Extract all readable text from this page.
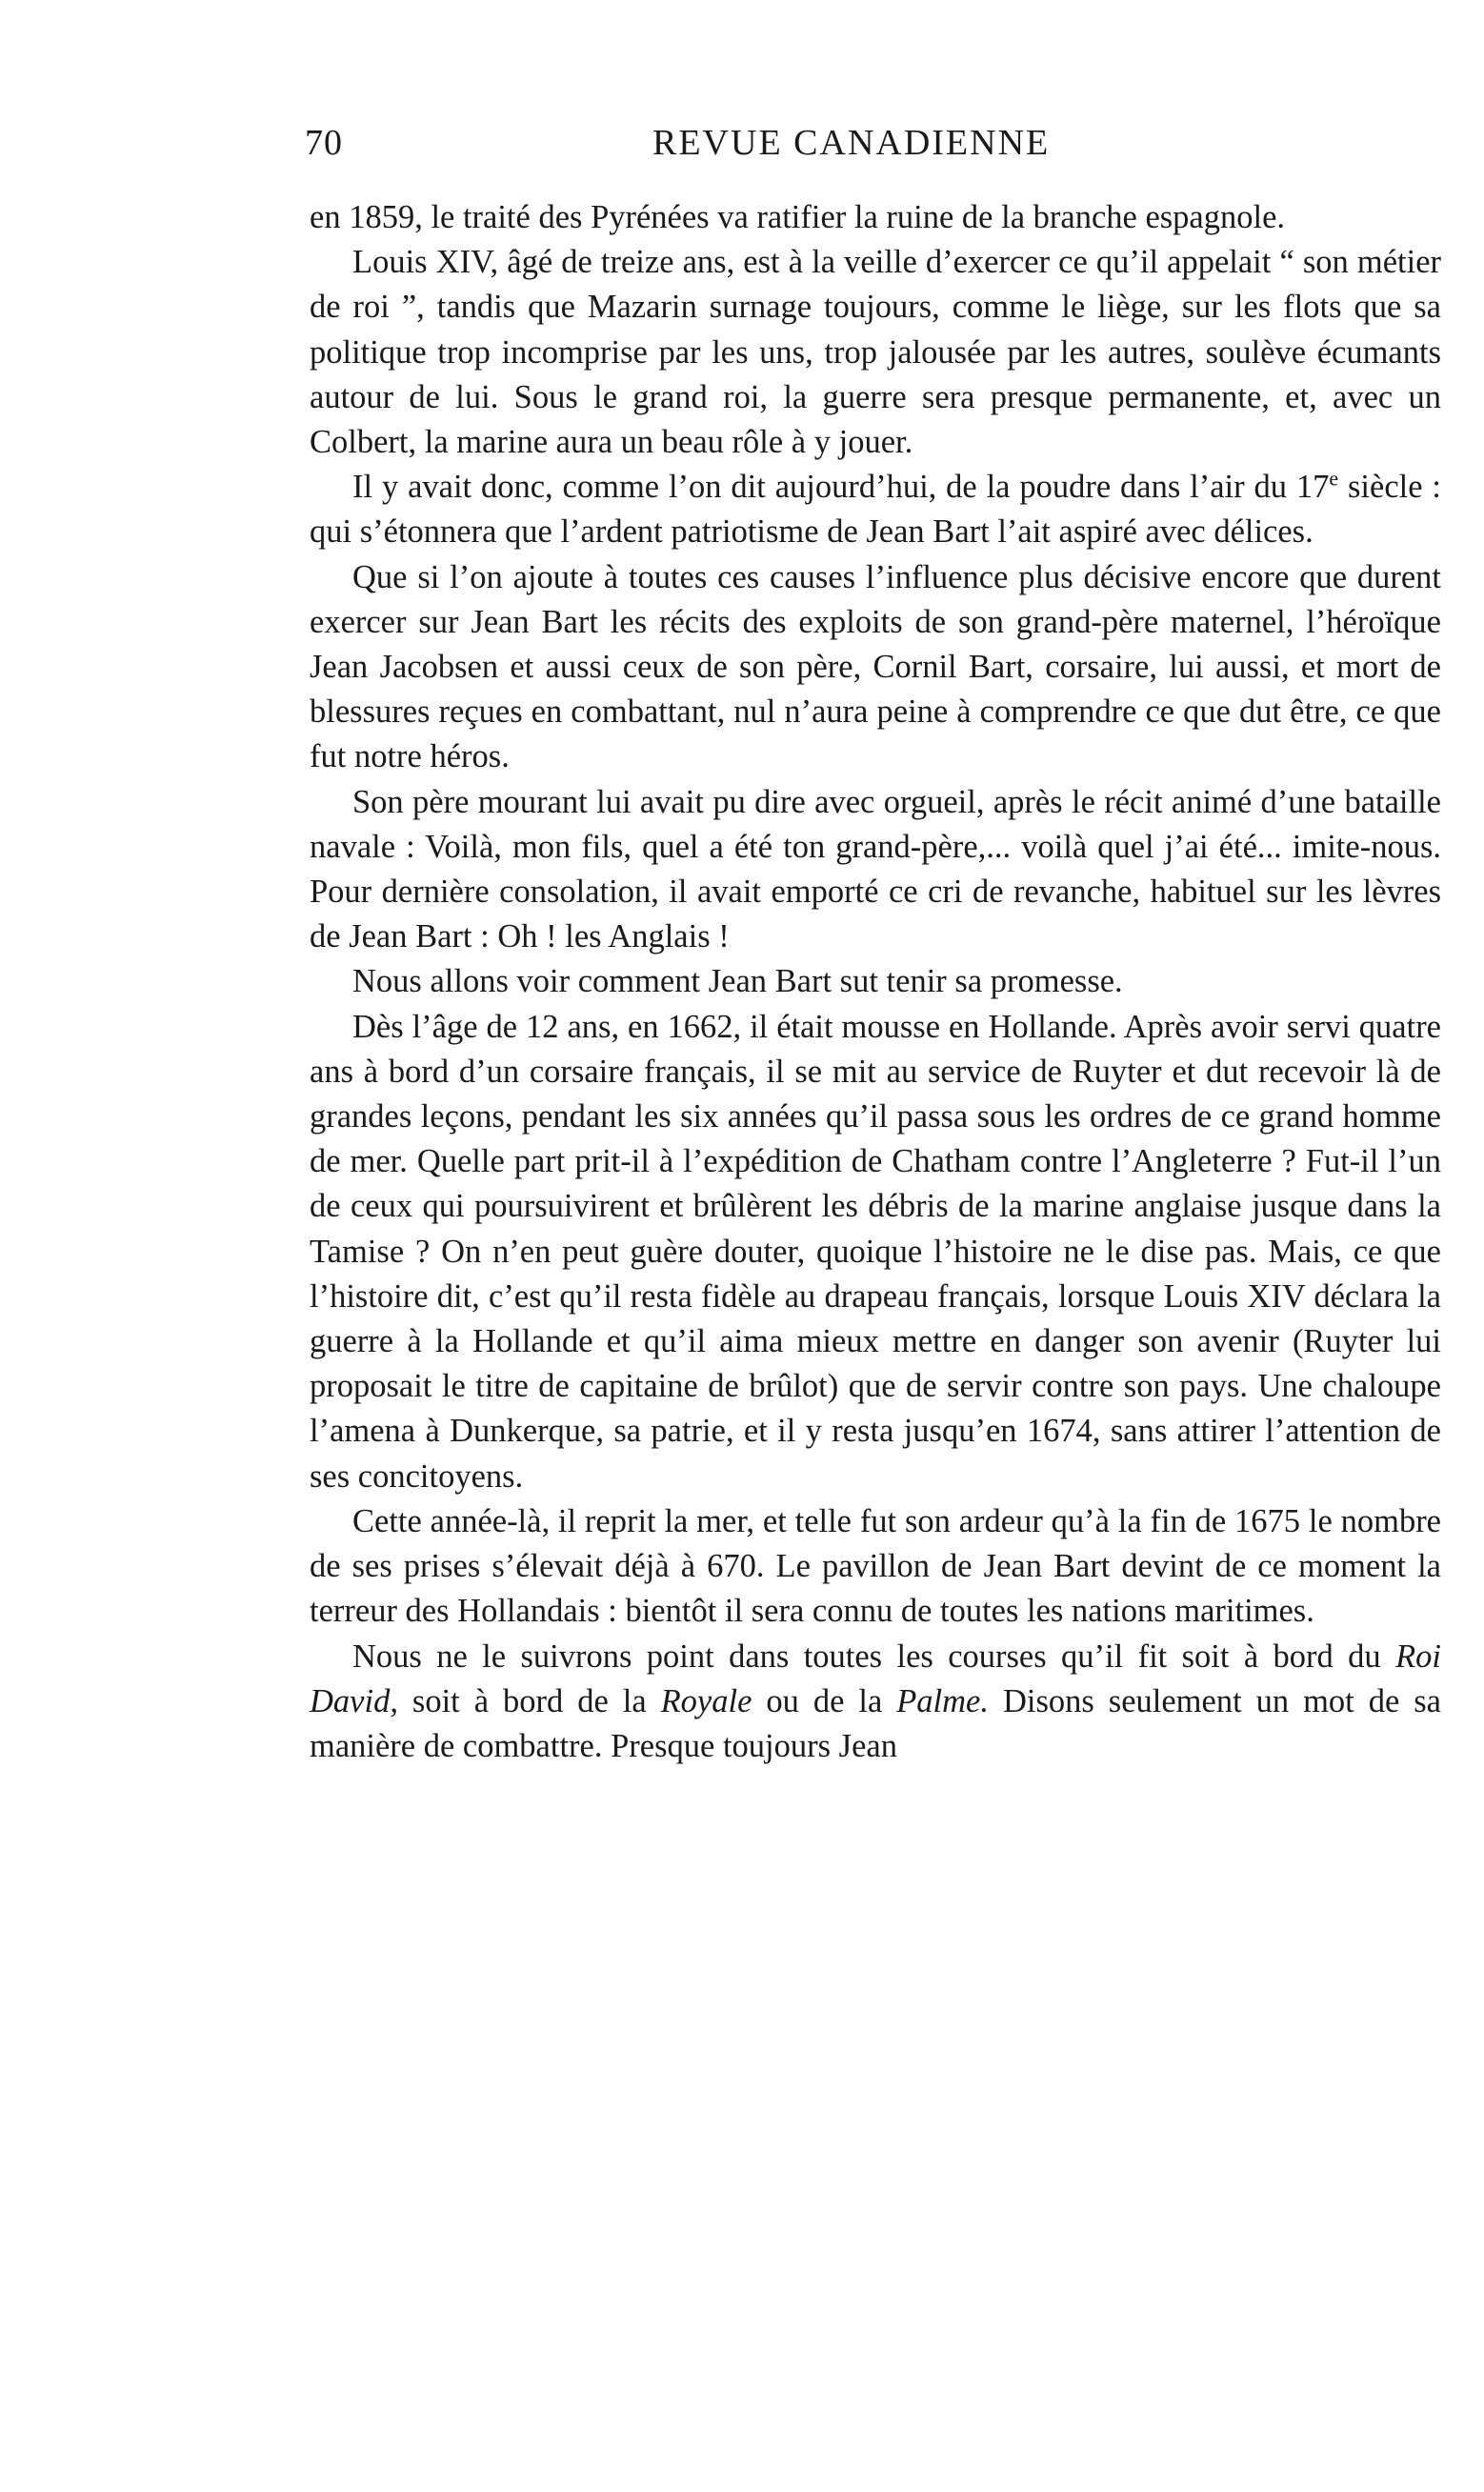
70	REVUE CANADIENNE

en 1859, le traité des Pyrénées va ratifier la ruine de la branche espagnole.

Louis XIV, âgé de treize ans, est à la veille d’exercer ce qu’il appelait “ son métier de roi ”, tandis que Mazarin surnage toujours, comme le liège, sur les flots que sa politique trop incomprise par les uns, trop jalousée par les autres, soulève écumants autour de lui. Sous le grand roi, la guerre sera presque permanente, et, avec un Colbert, la marine aura un beau rôle à y jouer.

Il y avait donc, comme l’on dit aujourd’hui, de la poudre dans l’air du 17e siècle : qui s’étonnera que l’ardent patriotisme de Jean Bart l’ait aspiré avec délices.

Que si l’on ajoute à toutes ces causes l’influence plus décisive encore que durent exercer sur Jean Bart les récits des exploits de son grand-père maternel, l’héroïque Jean Jacobsen et aussi ceux de son père, Cornil Bart, corsaire, lui aussi, et mort de blessures reçues en combattant, nul n’aura peine à comprendre ce que dut être, ce que fut notre héros.

Son père mourant lui avait pu dire avec orgueil, après le récit animé d’une bataille navale : Voilà, mon fils, quel a été ton grand-père,... voilà quel j’ai été... imite-nous. Pour dernière consolation, il avait emporté ce cri de revanche, habituel sur les lèvres de Jean Bart : Oh ! les Anglais !

Nous allons voir comment Jean Bart sut tenir sa promesse.

Dès l’âge de 12 ans, en 1662, il était mousse en Hollande. Après avoir servi quatre ans à bord d’un corsaire français, il se mit au service de Ruyter et dut recevoir là de grandes leçons, pendant les six années qu’il passa sous les ordres de ce grand homme de mer. Quelle part prit-il à l’expédition de Chatham contre l’Angleterre ? Fut-il l’un de ceux qui poursuivirent et brûlèrent les débris de la marine anglaise jusque dans la Tamise ? On n’en peut guère douter, quoique l’histoire ne le dise pas. Mais, ce que l’histoire dit, c’est qu’il resta fidèle au drapeau français, lorsque Louis XIV déclara la guerre à la Hollande et qu’il aima mieux mettre en danger son avenir (Ruyter lui proposait le titre de capitaine de brûlot) que de servir contre son pays. Une chaloupe l’amena à Dunkerque, sa patrie, et il y resta jusqu’en 1674, sans attirer l’attention de ses concitoyens.

Cette année-là, il reprit la mer, et telle fut son ardeur qu’à la fin de 1675 le nombre de ses prises s’élevait déjà à 670. Le pavillon de Jean Bart devint de ce moment la terreur des Hollandais : bientôt il sera connu de toutes les nations maritimes.

Nous ne le suivrons point dans toutes les courses qu’il fit soit à bord du Roi David, soit à bord de la Royale ou de la Palme. Disons seulement un mot de sa manière de combattre. Presque toujours Jean
